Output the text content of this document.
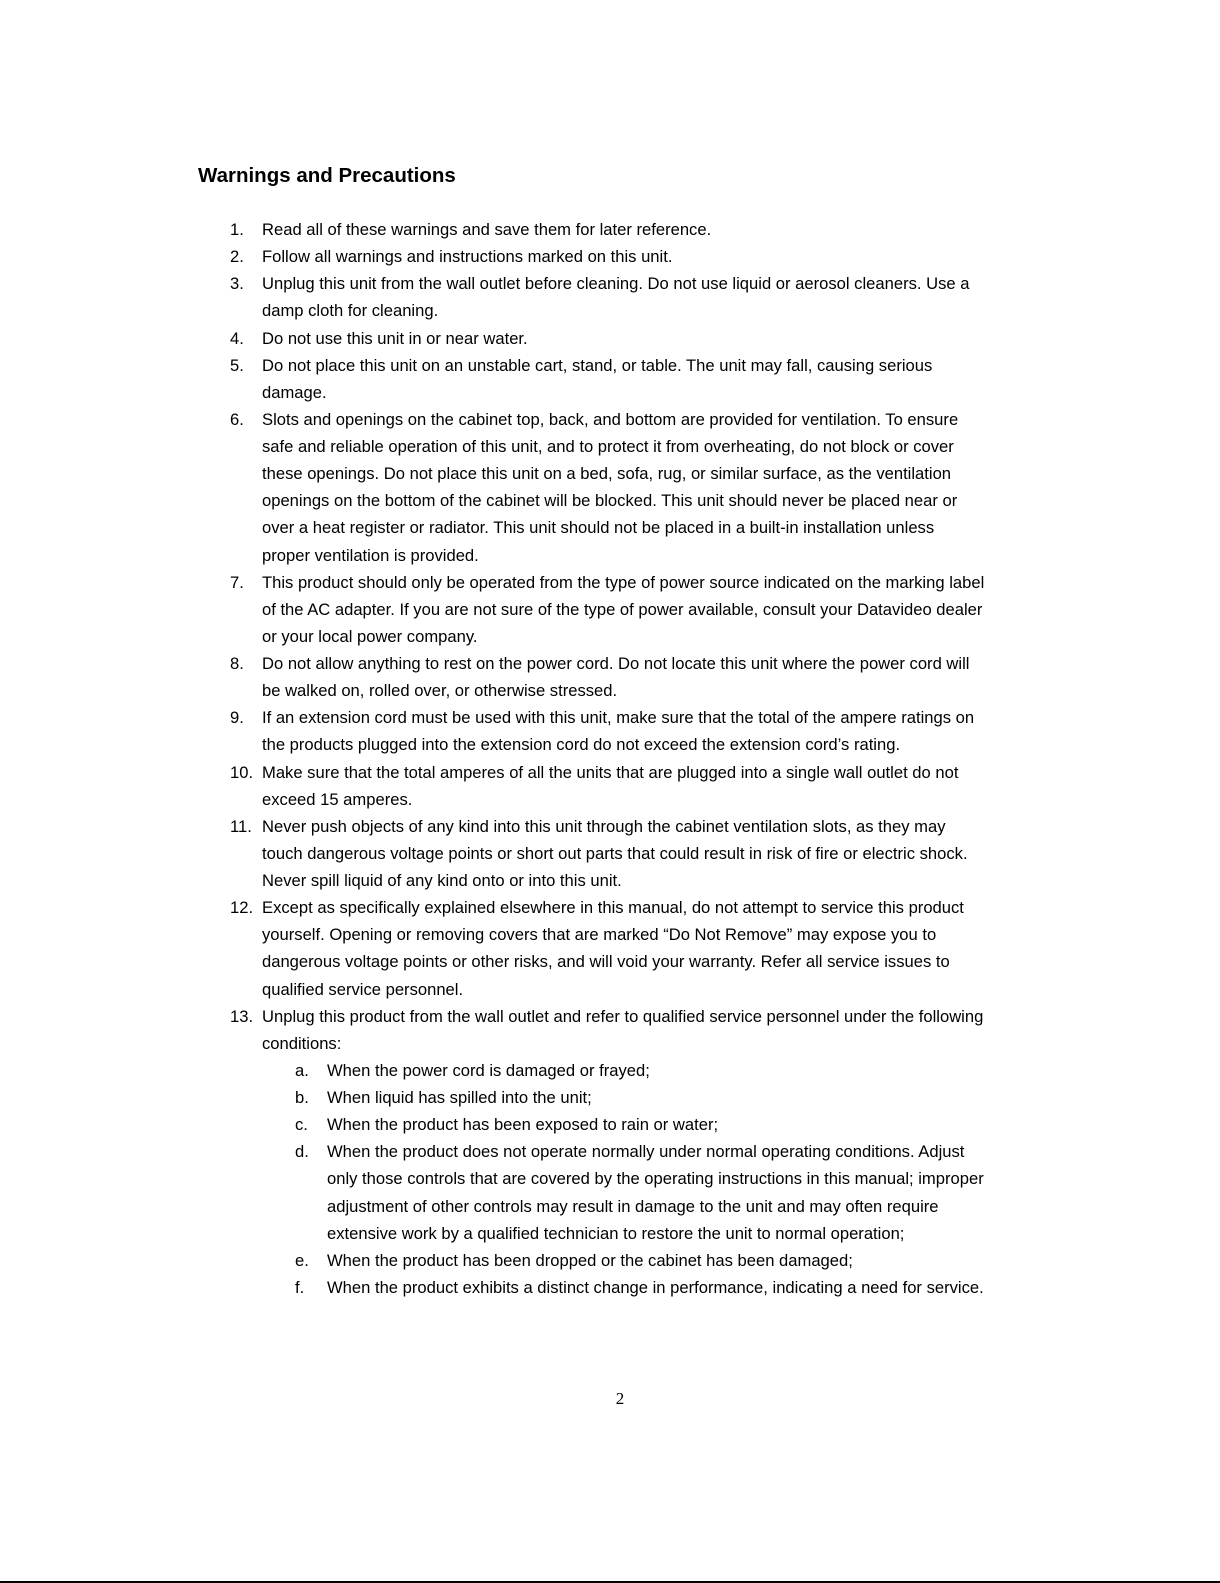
Warnings and Precautions
1. Read all of these warnings and save them for later reference.
2. Follow all warnings and instructions marked on this unit.
3. Unplug this unit from the wall outlet before cleaning. Do not use liquid or aerosol cleaners. Use a
damp cloth for cleaning.
4. Do not use this unit in or near water.
5. Do not place this unit on an unstable cart, stand, or table. The unit may fall, causing serious
damage.
6. Slots and openings on the cabinet top, back, and bottom are provided for ventilation. To ensure
safe and reliable operation of this unit, and to protect it from overheating, do not block or cover
these openings. Do not place this unit on a bed, sofa, rug, or similar surface, as the ventilation
openings on the bottom of the cabinet will be blocked. This unit should never be placed near or
over a heat register or radiator. This unit should not be placed in a built-in installation unless
proper ventilation is provided.
7. This product should only be operated from the type of power source indicated on the marking label
of the AC adapter. If you are not sure of the type of power available, consult your Datavideo dealer
or your local power company.
8. Do not allow anything to rest on the power cord. Do not locate this unit where the power cord will
be walked on, rolled over, or otherwise stressed.
9. If an extension cord must be used with this unit, make sure that the total of the ampere ratings on
the products plugged into the extension cord do not exceed the extension cord’s rating.
10. Make sure that the total amperes of all the units that are plugged into a single wall outlet do not
exceed 15 amperes.
11. Never push objects of any kind into this unit through the cabinet ventilation slots, as they may
touch dangerous voltage points or short out parts that could result in risk of fire or electric shock.
Never spill liquid of any kind onto or into this unit.
12. Except as specifically explained elsewhere in this manual, do not attempt to service this product
yourself. Opening or removing covers that are marked “Do Not Remove” may expose you to
dangerous voltage points or other risks, and will void your warranty. Refer all service issues to
qualified service personnel.
13. Unplug this product from the wall outlet and refer to qualified service personnel under the following
conditions:
a. When the power cord is damaged or frayed;
b. When liquid has spilled into the unit;
c. When the product has been exposed to rain or water;
d. When the product does not operate normally under normal operating conditions. Adjust
only those controls that are covered by the operating instructions in this manual; improper
adjustment of other controls may result in damage to the unit and may often require
extensive work by a qualified technician to restore the unit to normal operation;
e. When the product has been dropped or the cabinet has been damaged;
f. When the product exhibits a distinct change in performance, indicating a need for service.
2
